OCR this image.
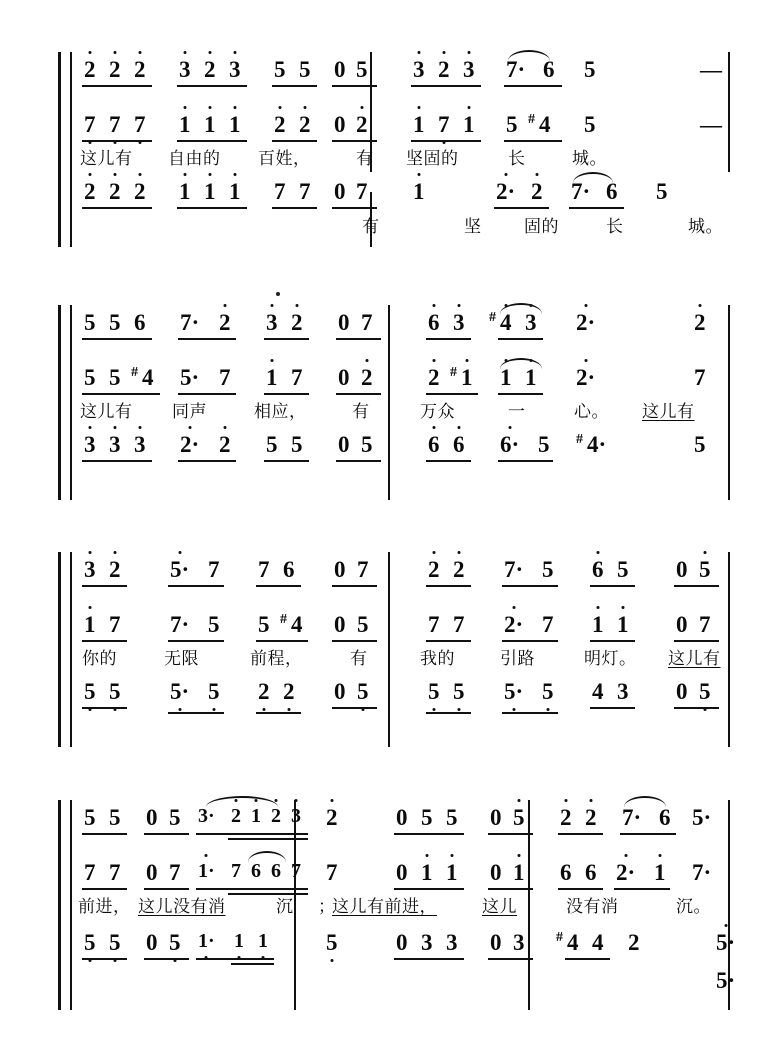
2 2 2 3 2 3 5 5 0 5 3 2 3 7· 6 5	—
7 7 7 1 1 1 2 2 0 2 1 7 1 5 # 4 5	—
这儿有 自由的 百姓，	有 坚固的	长	城。
2 2 2 1 1 1 7 7 0 7 1	2· 2 7· 6 5
有	坚	固的	长	城。
5 5 6 7· 2 3 2 0 7 6 3 # 4 3 2·	2
5 5 # 4 5· 7 1 7 0 2 2 # 1 1 1 2·	7
这儿有 同声	相应，	有	万众	一	心。 这儿有
3 3 3 2· 2 5 5 0 5 6 6 6· 5 # 4·	5
3 2 5· 7 7 6 0 7	2 2 7· 5 6 5 0 5
1 7 7· 5 5 # 4 0 5	7 7 2· 7 1 1 0 7
你的	无限	前程，	有	我的	引路	明灯。 这儿有
5 5 5· 5 2 2 0 5	5 5 5· 5 4 3 0 5
5 5 0 5 3· 2 1 2 3 2	0 5 5 0 5 2 2 7· 6 5·
7 7 0 7 1· 7 6 6 7 7	0 1 1 0 1 6 6 2· 1 7·
前进， 这儿没有消	沉 ；
这儿有前进，	这儿	没有消	沉。
5 5 0 5 1· 1 1	5	0 3 3 0 3 # 4 4 2	5·
5·
